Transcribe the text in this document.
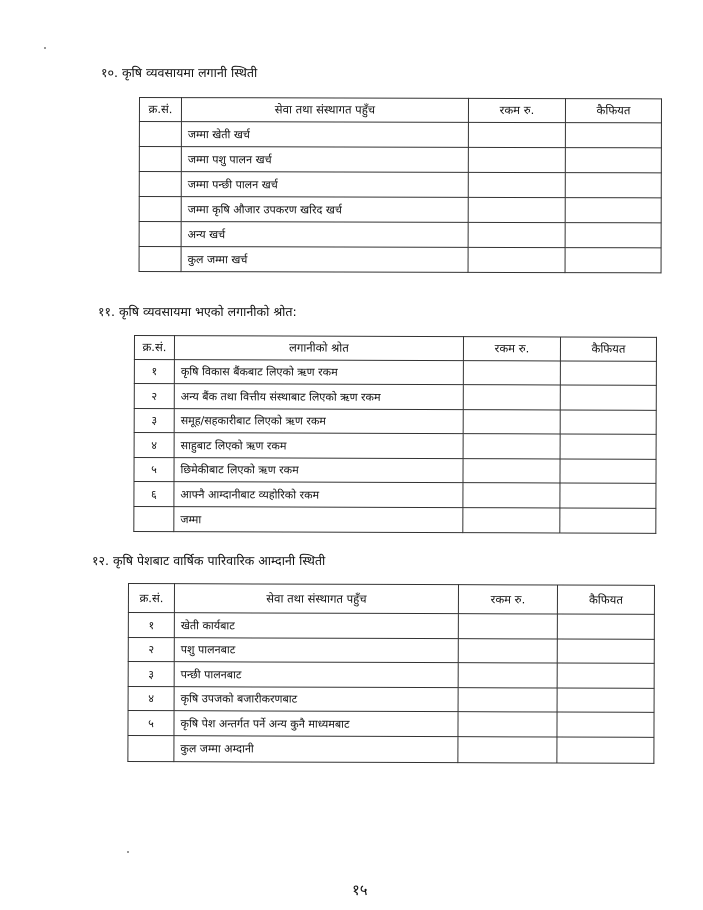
१०. कृषि व्यवसायमा लगानी स्थिती
क्र.सं.	सेवा तथा संस्थागत पहुँच	रकम रु.	कैफियत
	जम्मा खेती खर्च		
	जम्मा पशु पालन खर्च		
	जम्मा पन्छी पालन खर्च		
	जम्मा कृषि औजार उपकरण खरिद खर्च		
	अन्य खर्च		
	कुल जम्मा खर्च		
११. कृषि व्यवसायमा भएको लगानीको श्रोत:
क्र.सं.	लगानीको श्रोत	रकम रु.	कैफियत
१	कृषि विकास बैंकबाट लिएको ऋण रकम		
२	अन्य बैंक तथा वित्तीय संस्थाबाट लिएको ऋण रकम		
३	समूह/सहकारीबाट लिएको ऋण रकम		
४	साहुबाट लिएको ऋण रकम		
५	छिमेकीबाट लिएको ऋण रकम		
६	आफ्नै आम्दानीबाट व्यहोरिको रकम		
	जम्मा		
१२. कृषि पेशबाट वार्षिक पारिवारिक आम्दानी स्थिती
क्र.सं.	सेवा तथा संस्थागत पहुँच	रकम रु.	कैफियत
१	खेती कार्यबाट		
२	पशु पालनबाट		
३	पन्छी पालनबाट		
४	कृषि उपजको बजारीकरणबाट		
५	कृषि पेश अन्तर्गत पर्ने अन्य कुनै माध्यमबाट		
	कुल जम्मा अम्दानी		
१५
